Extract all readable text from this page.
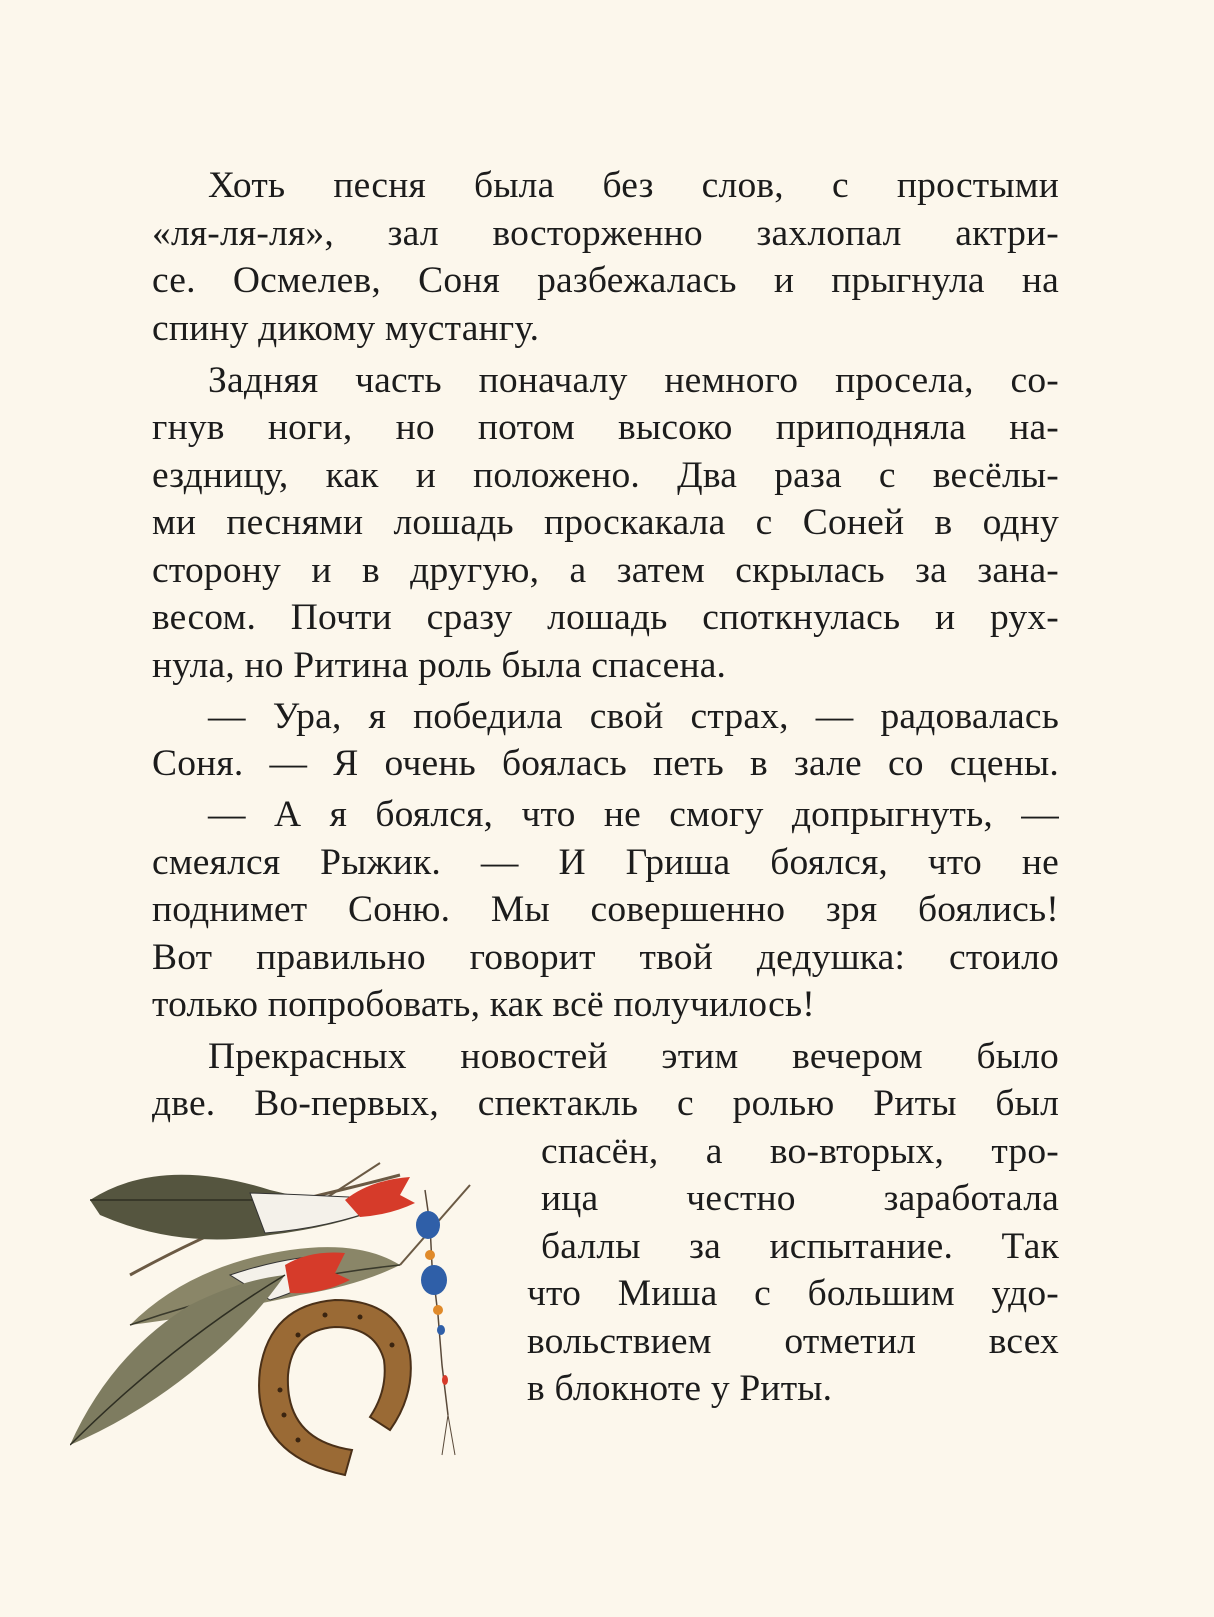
Хоть песня была без слов, с простыми
«ля-ля-ля», зал восторженно захлопал актри-
се. Осмелев, Соня разбежалась и прыгнула на
спину дикому мустангу.
Задняя часть поначалу немного просела, со-
гнув ноги, но потом высоко приподняла на-
ездницу, как и положено. Два раза с весёлы-
ми песнями лошадь проскакала с Соней в одну
сторону и в другую, а затем скрылась за зана-
весом. Почти сразу лошадь споткнулась и рух-
нула, но Ритина роль была спасена.
— Ура, я победила свой страх, — радовалась
Соня. — Я очень боялась петь в зале со сцены.
— А я боялся, что не смогу допрыгнуть, —
смеялся Рыжик. — И Гриша боялся, что не
поднимет Соню. Мы совершенно зря боялись!
Вот правильно говорит твой дедушка: стоило
только попробовать, как всё получилось!
Прекрасных новостей этим вечером было
две. Во-первых, спектакль с ролью Риты был
спасён, а во-вторых, тро-
ица честно заработала
баллы за испытание. Так
что Миша с большим удо-
вольствием отметил всех
в блокноте у Риты.
